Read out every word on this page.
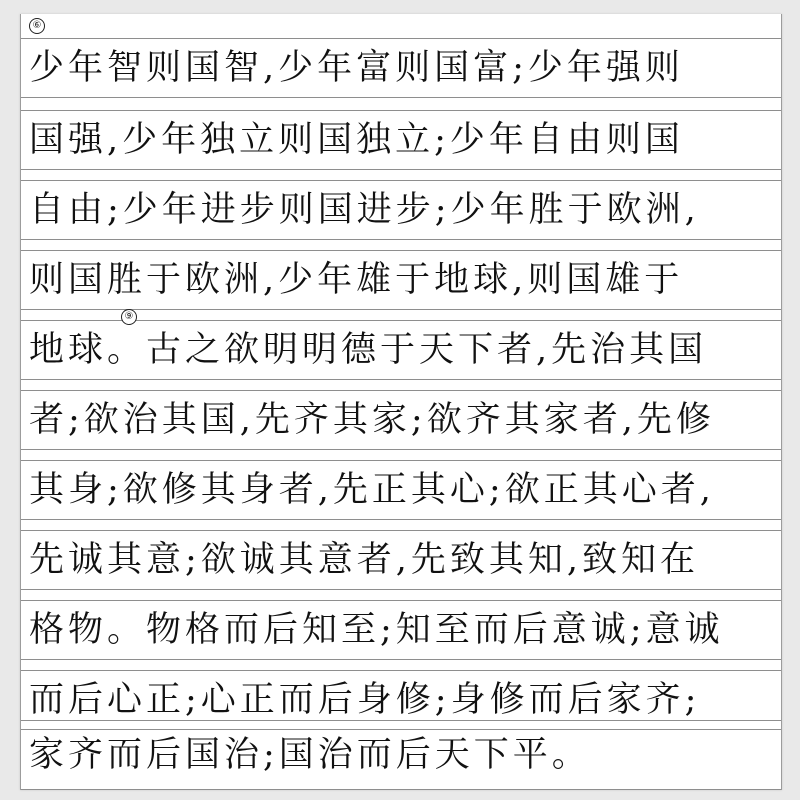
⑥
少年智则国智,少年富则国富;少年强则
国强,少年独立则国独立;少年自由则国
自由;少年进步则国进步;少年胜于欧洲,
则国胜于欧洲,少年雄于地球,则国雄于
地球。古之欲明明德于天下者,先治其国
⑨
者;欲治其国,先齐其家;欲齐其家者,先修
其身;欲修其身者,先正其心;欲正其心者,
先诚其意;欲诚其意者,先致其知,致知在
格物。物格而后知至;知至而后意诚;意诚
而后心正;心正而后身修;身修而后家齐;
家齐而后国治;国治而后天下平。
